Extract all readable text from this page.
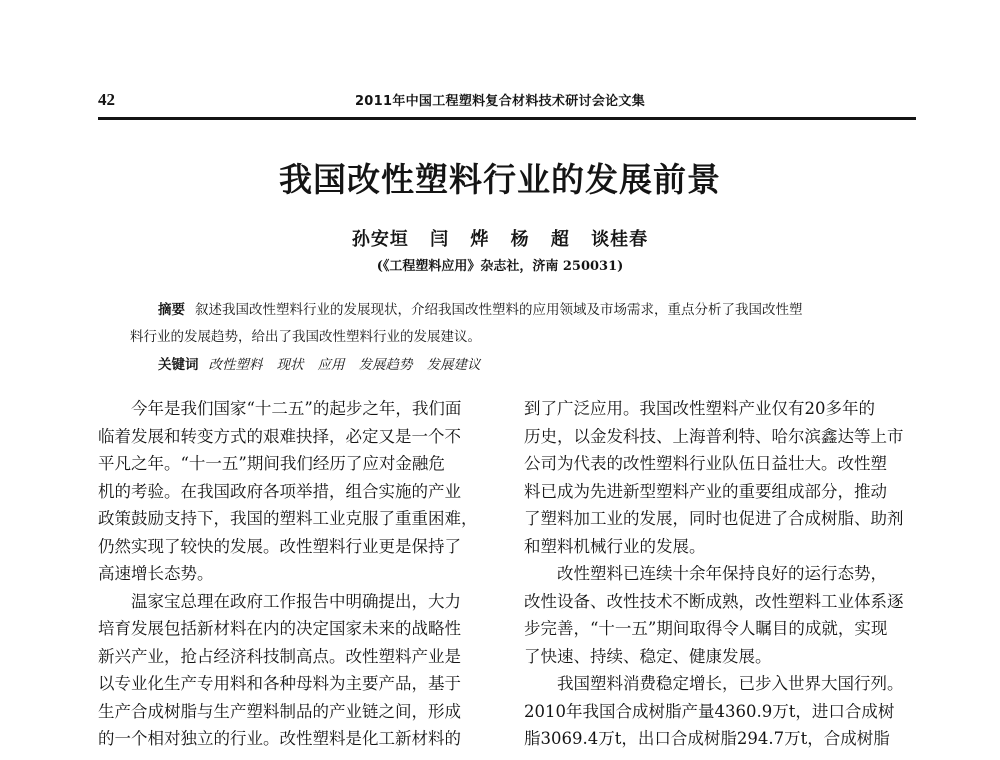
42	2011年中国工程塑料复合材料技术研讨会论文集
我国改性塑料行业的发展前景
孙安垣 闫 烨 杨 超 谈桂春
(《工程塑料应用》杂志社，济南 250031)
摘要 叙述我国改性塑料行业的发展现状，介绍我国改性塑料的应用领域及市场需求，重点分析了我国改性塑
料行业的发展趋势，给出了我国改性塑料行业的发展建议。
关键词 改性塑料 现状 应用 发展趋势 发展建议
　　今年是我们国家“十二五”的起步之年，我们面
临着发展和转变方式的艰难抉择，必定又是一个不
平凡之年。“十一五”期间我们经历了应对金融危
机的考验。在我国政府各项举措，组合实施的产业
政策鼓励支持下，我国的塑料工业克服了重重困难，
仍然实现了较快的发展。改性塑料行业更是保持了
高速增长态势。
　　温家宝总理在政府工作报告中明确提出，大力
培育发展包括新材料在内的决定国家未来的战略性
新兴产业，抢占经济科技制高点。改性塑料产业是
以专业化生产专用料和各种母料为主要产品，基于
生产合成树脂与生产塑料制品的产业链之间，形成
的一个相对独立的行业。改性塑料是化工新材料的
到了广泛应用。我国改性塑料产业仅有20多年的
历史，以金发科技、上海普利特、哈尔滨鑫达等上市
公司为代表的改性塑料行业队伍日益壮大。改性塑
料已成为先进新型塑料产业的重要组成部分，推动
了塑料加工业的发展，同时也促进了合成树脂、助剂
和塑料机械行业的发展。
　　改性塑料已连续十余年保持良好的运行态势，
改性设备、改性技术不断成熟，改性塑料工业体系逐
步完善，“十一五”期间取得令人瞩目的成就，实现
了快速、持续、稳定、健康发展。
　　我国塑料消费稳定增长，已步入世界大国行列。
2010年我国合成树脂产量4360.9万t，进口合成树
脂3069.4万t，出口合成树脂294.7万t，合成树脂
